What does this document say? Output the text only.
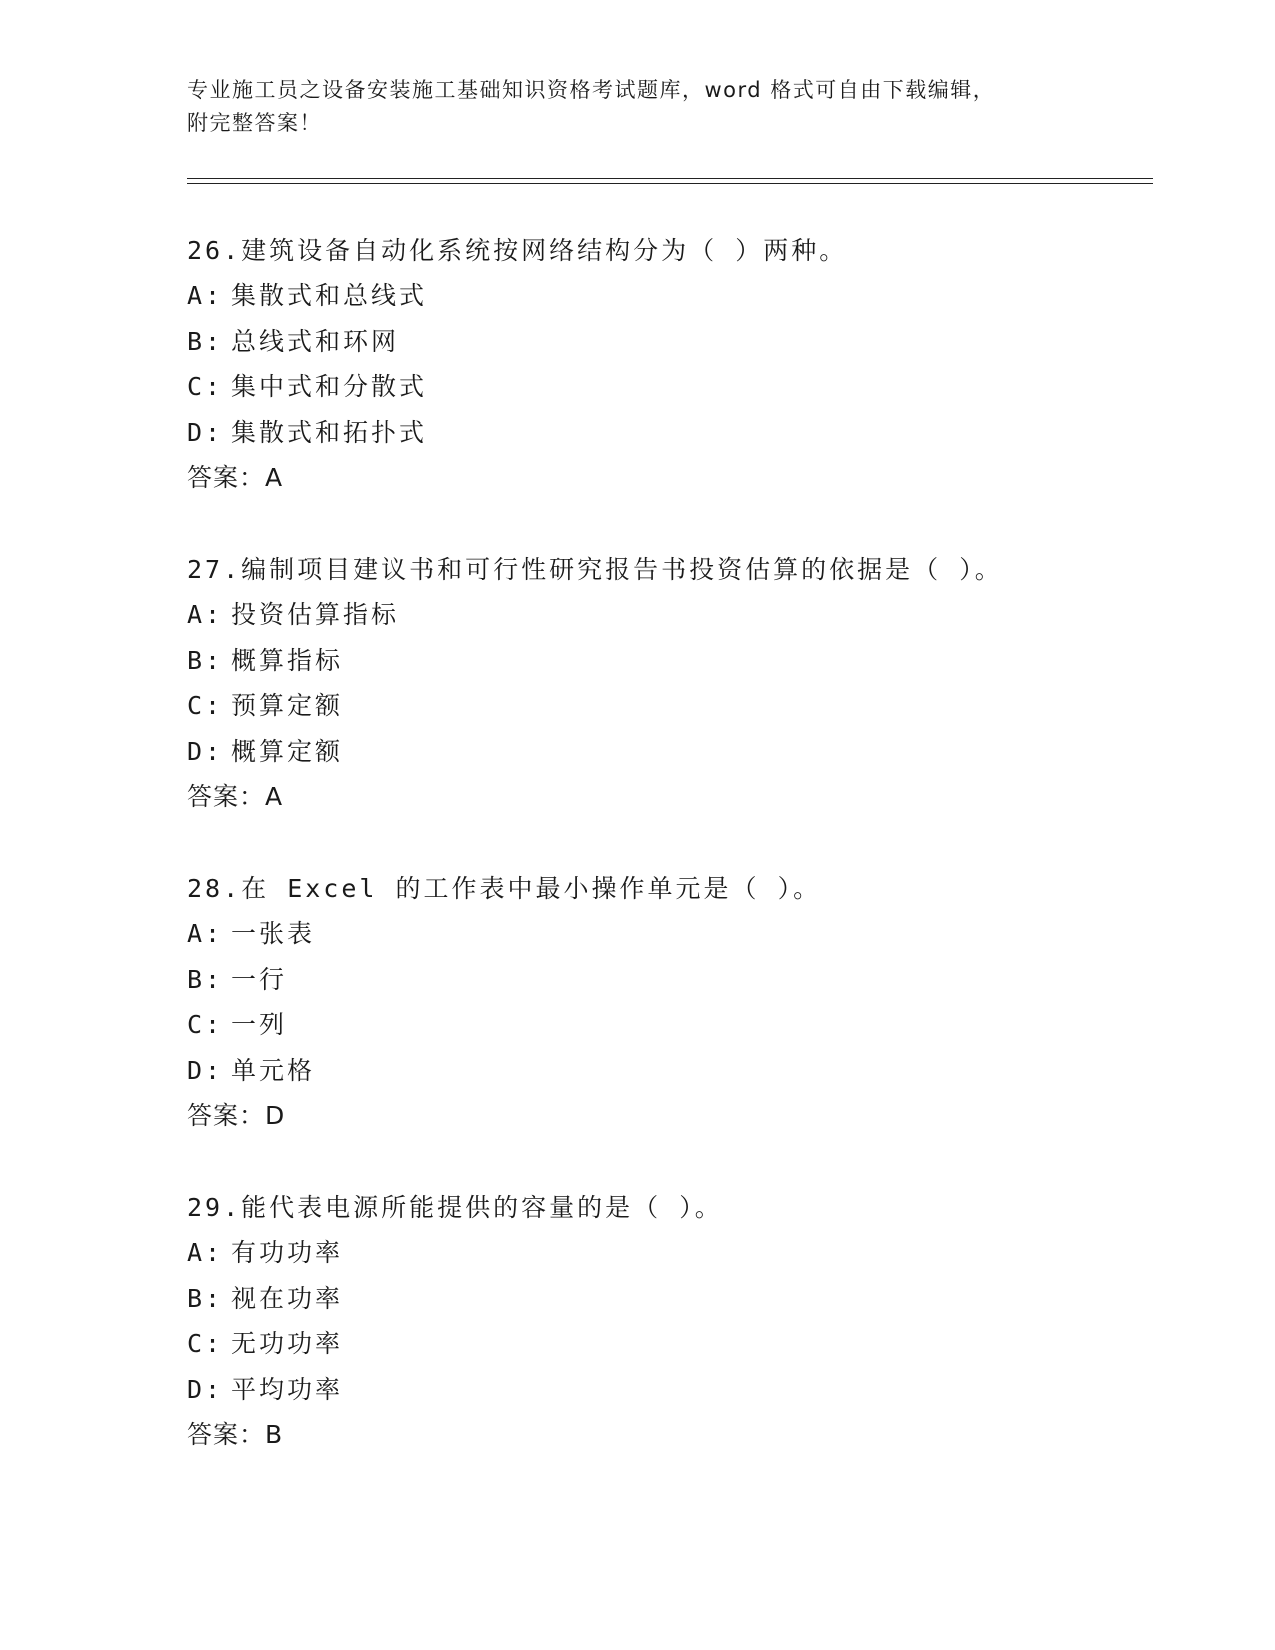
专业施工员之设备安装施工基础知识资格考试题库，word 格式可自由下载编辑，
附完整答案！
26.建筑设备自动化系统按网络结构分为（ ）两种。
A: 集散式和总线式
B: 总线式和环网
C: 集中式和分散式
D: 集散式和拓扑式
答案：A
27.编制项目建议书和可行性研究报告书投资估算的依据是（ ）。
A: 投资估算指标
B: 概算指标
C: 预算定额
D: 概算定额
答案：A
28.在 Excel 的工作表中最小操作单元是（ ）。
A: 一张表
B: 一行
C: 一列
D: 单元格
答案：D
29.能代表电源所能提供的容量的是（ ）。
A: 有功功率
B: 视在功率
C: 无功功率
D: 平均功率
答案：B
